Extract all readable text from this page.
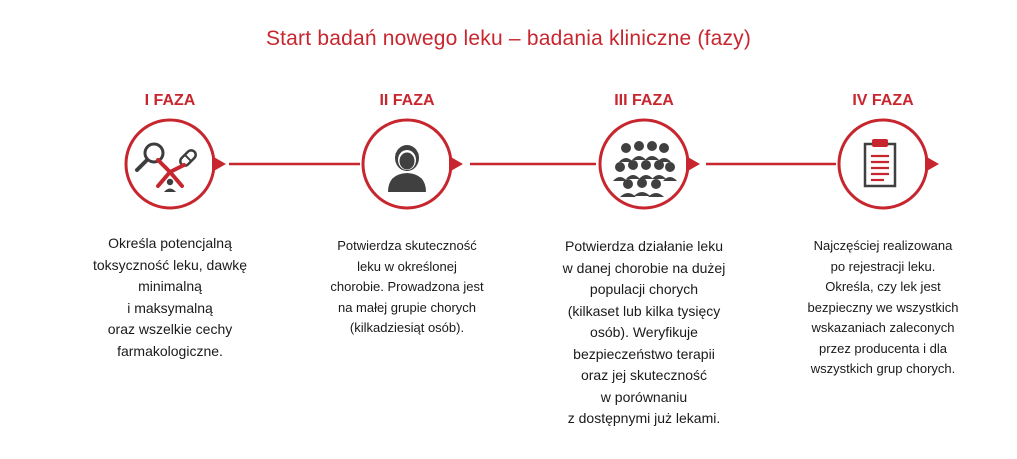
Start badań nowego leku – badania kliniczne (fazy)
I FAZA	II FAZA	III FAZA	IV FAZA
Określa potencjalną
toksyczność leku, dawkę
minimalną
i maksymalną
oraz wszelkie cechy
farmakologiczne.
Potwierdza skuteczność
leku w określonej
chorobie. Prowadzona jest
na małej grupie chorych
(kilkadziesiąt osób).
Potwierdza działanie leku
w danej chorobie na dużej
populacji chorych
(kilkaset lub kilka tysięcy
osób). Weryfikuje
bezpieczeństwo terapii
oraz jej skuteczność
w porównaniu
z dostępnymi już lekami.
Najczęściej realizowana
po rejestracji leku.
Określa, czy lek jest
bezpieczny we wszystkich
wskazaniach zaleconych
przez producenta i dla
wszystkich grup chorych.
